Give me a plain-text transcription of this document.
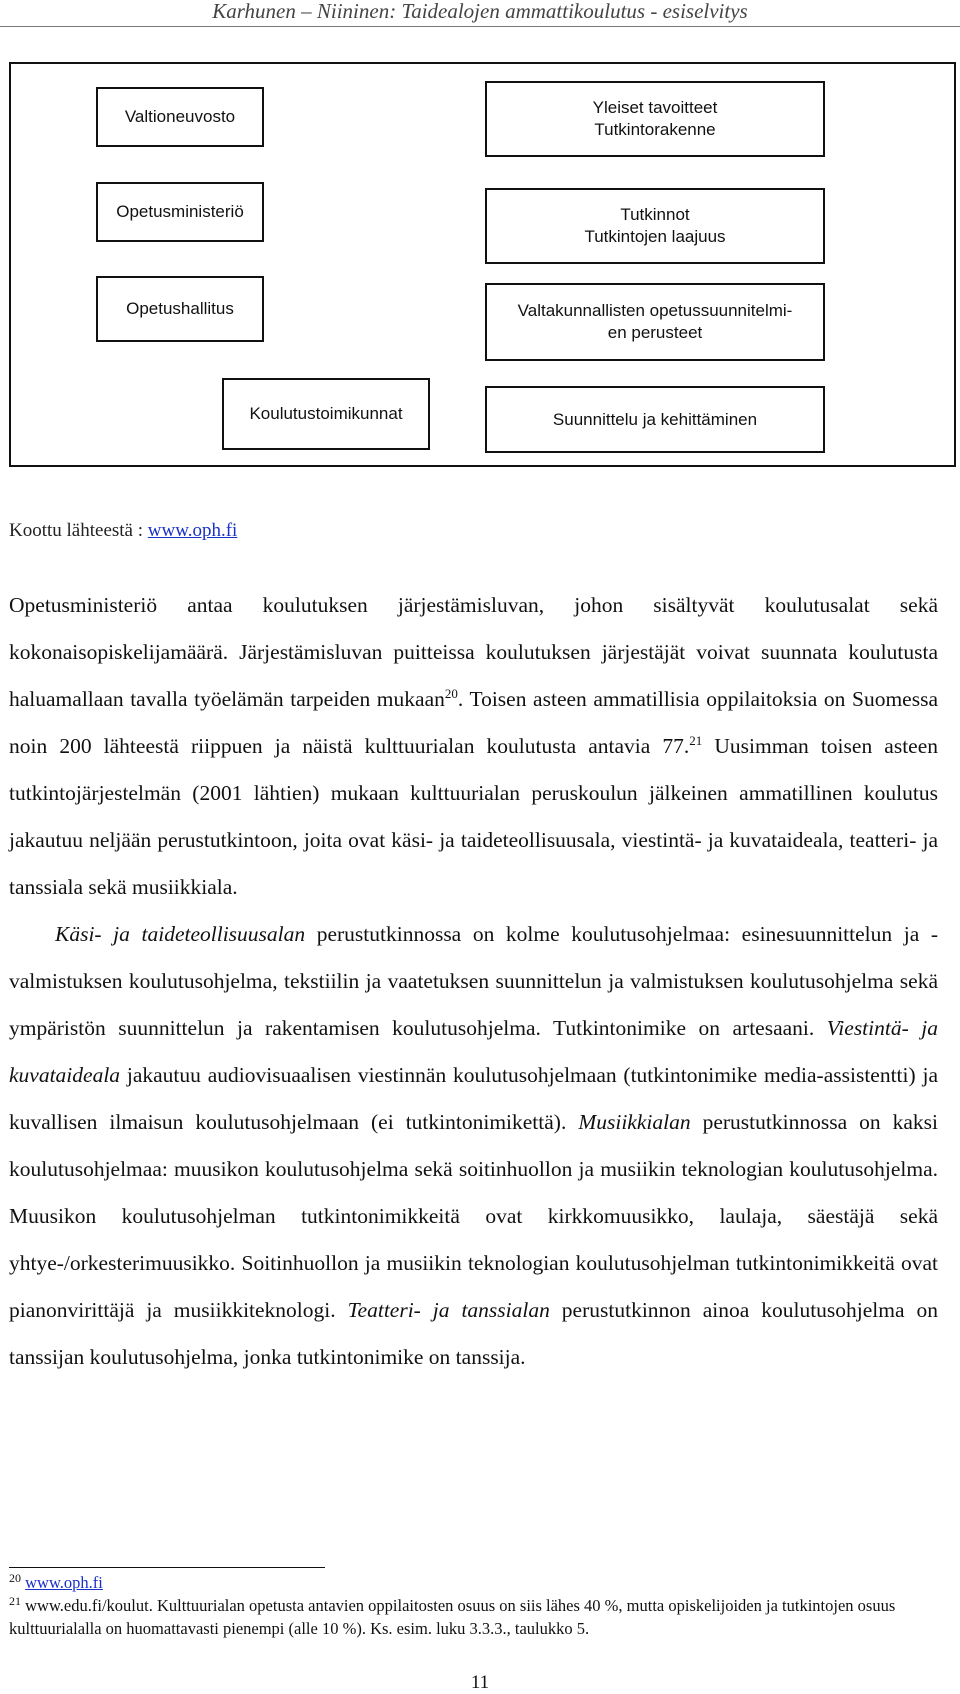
Karhunen – Niininen: Taidealojen ammattikoulutus - esiselvitys
Valtioneuvosto	Yleiset tavoitteet
Tutkintorakenne
Opetusministeriö	Tutkinnot
Tutkintojen laajuus
Opetushallitus	Valtakunnallisten opetussuunnitelmi-
en perusteet
Koulutustoimikunnat	Suunnittelu ja kehittäminen
Koottu lähteestä : www.oph.fi

Opetusministeriö antaa koulutuksen järjestämisluvan, johon sisältyvät koulutusalat sekä kokonaisopiskelijamäärä. Järjestämisluvan puitteissa koulutuksen järjestäjät voivat suunnata koulutusta haluamallaan tavalla työelämän tarpeiden mukaan$^{20}$. Toisen asteen ammatillisia oppilaitoksia on Suomessa noin 200 lähteestä riippuen ja näistä kulttuurialan koulutusta antavia 77.21 Uusimman toisen asteen tutkintojärjestelmän (2001 lähtien) mukaan kulttuurialan peruskoulun jälkeinen ammatillinen koulutus jakautuu neljään perustutkintoon, joita ovat käsi- ja taideteollisuusala, viestintä- ja kuvataideala, teatteri- ja tanssiala sekä musiikkiala.

Käsi- ja taideteollisuusalan perustutkinnossa on kolme koulutusohjelmaa: esinesuunnittelun ja -valmistuksen koulutusohjelma, tekstiilin ja vaatetuksen suunnittelun ja valmistuksen koulutusohjelma sekä ympäristön suunnittelun ja rakentamisen koulutusohjelma. Tutkintonimike on artesaani. Viestintä- ja kuvataideala jakautuu audiovisuaalisen viestinnän koulutusohjelmaan (tutkintonimike media-assistentti) ja kuvallisen ilmaisun koulutusohjelmaan (ei tutkintonimikettä). Musiikkialan perustutkinnossa on kaksi koulutusohjelmaa: muusikon koulutusohjelma sekä soitinhuollon ja musiikin teknologian koulutusohjelma. Muusikon koulutusohjelman tutkintonimikkeitä ovat kirkkomuusikko, laulaja, säestäjä sekä yhtye-/orkesterimuusikko. Soitinhuollon ja musiikin teknologian koulutusohjelman tutkintonimikkeitä ovat pianonvirittäjä ja musiikkiteknologi. Teatteri- ja tanssialan perustutkinnon ainoa koulutusohjelma on tanssijan koulutusohjelma, jonka tutkintonimike on tanssija.

$^{20}$ www.oph.fi
$^{21}$ www.edu.fi/koulut. Kulttuurialan opetusta antavien oppilaitosten osuus on siis lähes 40 %, mutta opiskelijoiden ja tutkintojen osuus kulttuurialalla on huomattavasti pienempi (alle 10 %). Ks. esim. luku 3.3.3., taulukko 5.
11
